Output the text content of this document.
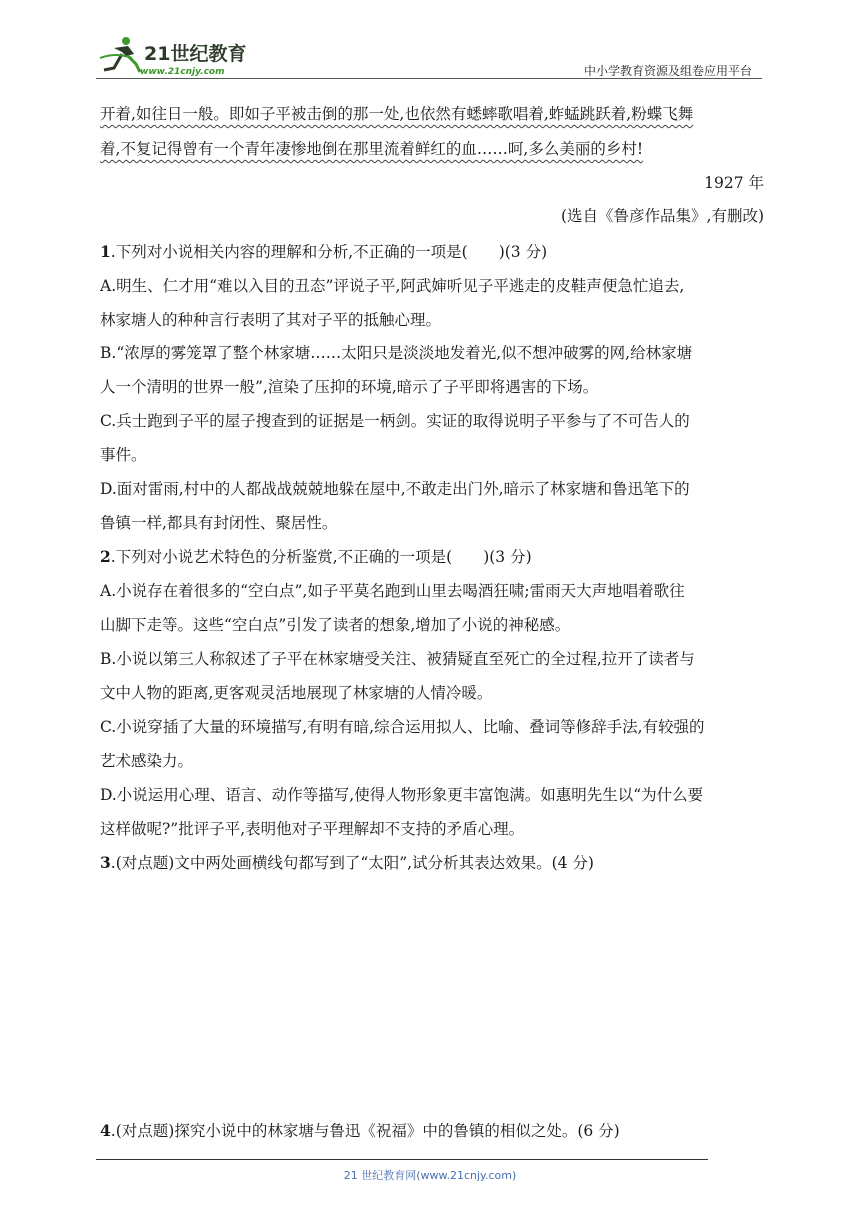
21世纪教育
www.21cnjy.com	中小学教育资源及组卷应用平台
开着,如往日一般。即如子平被击倒的那一处,也依然有蟋蟀歌唱着,蚱蜢跳跃着,粉蝶飞舞
着,不复记得曾有一个青年凄惨地倒在那里流着鲜红的血……呵,多么美丽的乡村!
1927 年
(选自《鲁彦作品集》,有删改)
1.下列对小说相关内容的理解和分析,不正确的一项是(　　)(3 分)
A.明生、仁才用“难以入目的丑态”评说子平,阿武婶听见子平逃走的皮鞋声便急忙追去,
林家塘人的种种言行表明了其对子平的抵触心理。
B.“浓厚的雾笼罩了整个林家塘……太阳只是淡淡地发着光,似不想冲破雾的网,给林家塘
人一个清明的世界一般”,渲染了压抑的环境,暗示了子平即将遇害的下场。
C.兵士跑到子平的屋子搜查到的证据是一柄剑。实证的取得说明子平参与了不可告人的
事件。
D.面对雷雨,村中的人都战战兢兢地躲在屋中,不敢走出门外,暗示了林家塘和鲁迅笔下的
鲁镇一样,都具有封闭性、聚居性。
2.下列对小说艺术特色的分析鉴赏,不正确的一项是(　　)(3 分)
A.小说存在着很多的“空白点”,如子平莫名跑到山里去喝酒狂啸;雷雨天大声地唱着歌往
山脚下走等。这些“空白点”引发了读者的想象,增加了小说的神秘感。
B.小说以第三人称叙述了子平在林家塘受关注、被猜疑直至死亡的全过程,拉开了读者与
文中人物的距离,更客观灵活地展现了林家塘的人情冷暖。
C.小说穿插了大量的环境描写,有明有暗,综合运用拟人、比喻、叠词等修辞手法,有较强的
艺术感染力。
D.小说运用心理、语言、动作等描写,使得人物形象更丰富饱满。如惠明先生以“为什么要
这样做呢?”批评子平,表明他对子平理解却不支持的矛盾心理。
3.(对点题)文中两处画横线句都写到了“太阳”,试分析其表达效果。(4 分)
4.(对点题)探究小说中的林家塘与鲁迅《祝福》中的鲁镇的相似之处。(6 分)
21 世纪教育网(www.21cnjy.com)
